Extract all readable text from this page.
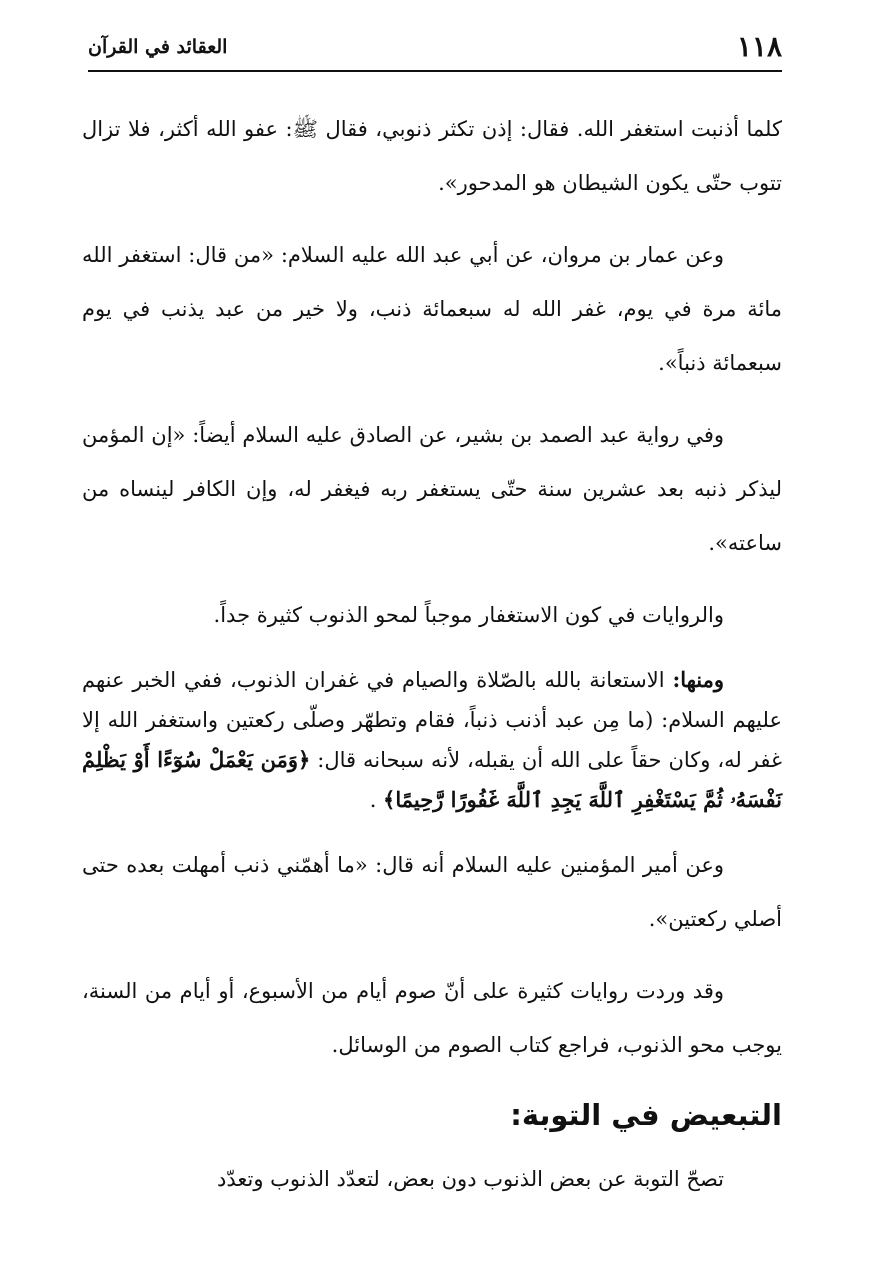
١١٨
العقائد في القرآن

كلما أذنبت استغفر الله. فقال: إذن تكثر ذنوبي، فقال ﷺ: عفو الله أكثر، فلا تزال تتوب حتّى يكون الشيطان هو المدحور».

وعن عمار بن مروان، عن أبي عبد الله عليه السلام: «من قال: استغفر الله مائة مرة في يوم، غفر الله له سبعمائة ذنب، ولا خير من عبد يذنب في يوم سبعمائة ذنباً».

وفي رواية عبد الصمد بن بشير، عن الصادق عليه السلام أيضاً: «إن المؤمن ليذكر ذنبه بعد عشرين سنة حتّى يستغفر ربه فيغفر له، وإن الكافر لينساه من ساعته».

والروايات في كون الاستغفار موجباً لمحو الذنوب كثيرة جداً.

ومنها: الاستعانة بالله بالصّلاة والصيام في غفران الذنوب، ففي الخبر عنهم عليهم السلام: (ما مِن عبد أذنب ذنباً، فقام وتطهّر وصلّى ركعتين واستغفر الله إلا غفر له، وكان حقاً على الله أن يقبله، لأنه سبحانه قال: ﴿وَمَن يَعْمَلْ سُوٓءًا أَوْ يَظْلِمْ نَفْسَهُۥ ثُمَّ يَسْتَغْفِرِ ٱللَّهَ يَجِدِ ٱللَّهَ غَفُورًا رَّحِيمًا﴾ .

وعن أمير المؤمنين عليه السلام أنه قال: «ما أهمّني ذنب أمهلت بعده حتى أصلي ركعتين».

وقد وردت روايات كثيرة على أنّ صوم أيام من الأسبوع، أو أيام من السنة، يوجب محو الذنوب، فراجع كتاب الصوم من الوسائل.

التبعيض في التوبة:

تصحّ التوبة عن بعض الذنوب دون بعض، لتعدّد الذنوب وتعدّد
